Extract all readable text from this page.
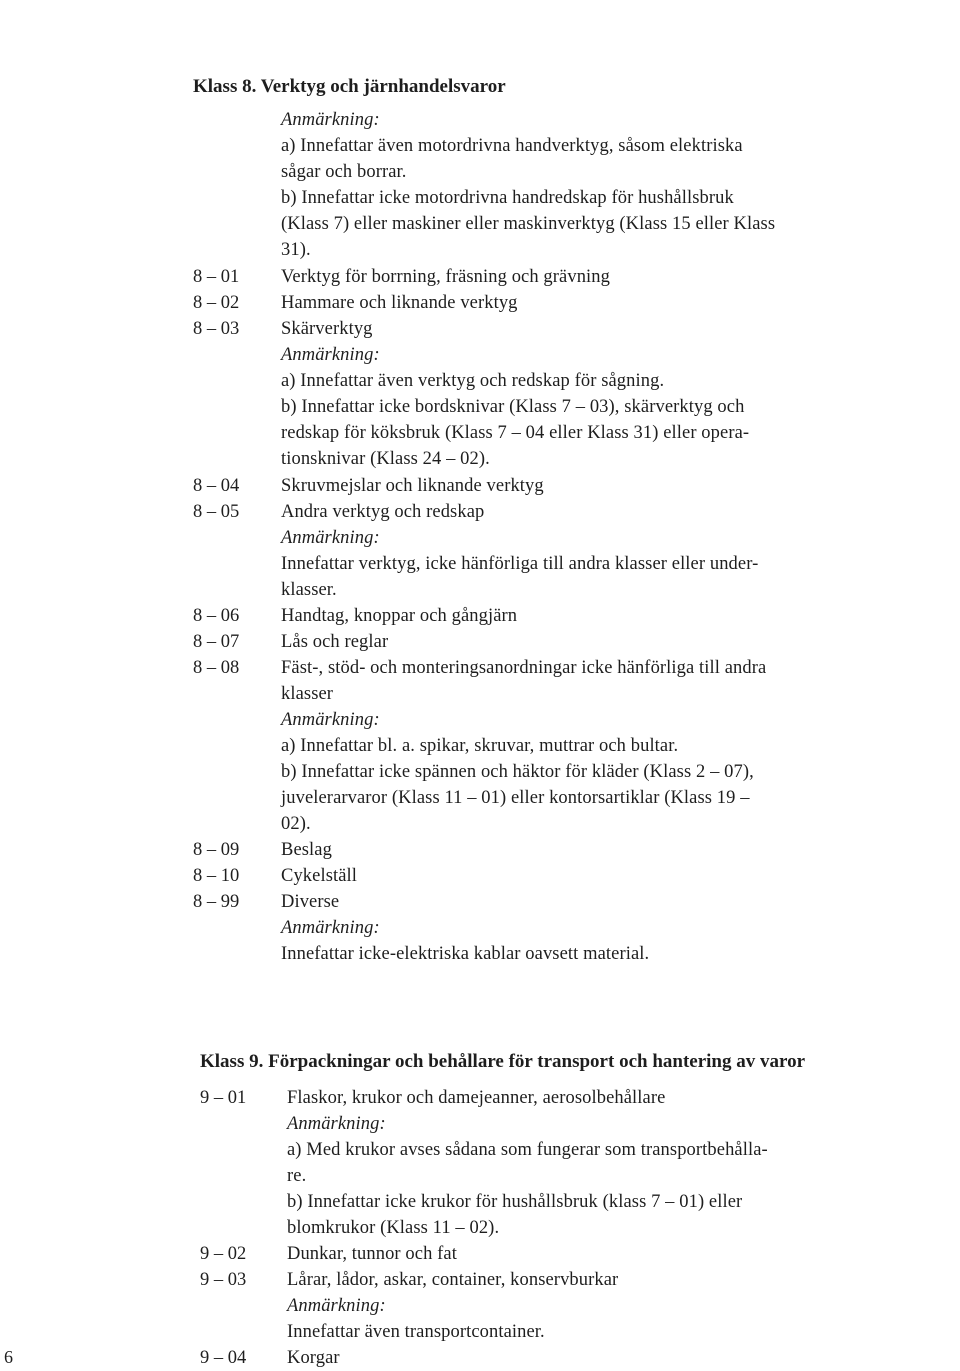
Klass 8. Verktyg och järnhandelsvaror
Anmärkning:
a) Innefattar även motordrivna handverktyg, såsom elektriska
sågar och borrar.
b) Innefattar icke motordrivna handredskap för hushållsbruk
(Klass 7) eller maskiner eller maskinverktyg (Klass 15 eller Klass
31).
8 – 01 Verktyg för borrning, fräsning och grävning
8 – 02 Hammare och liknande verktyg
8 – 03 Skärverktyg
Anmärkning:
a) Innefattar även verktyg och redskap för sågning.
b) Innefattar icke bordsknivar (Klass 7 – 03), skärverktyg och
redskap för köksbruk (Klass 7 – 04 eller Klass 31) eller opera-
tionsknivar (Klass 24 – 02).
8 – 04 Skruvmejslar och liknande verktyg
8 – 05 Andra verktyg och redskap
Anmärkning:
Innefattar verktyg, icke hänförliga till andra klasser eller under-
klasser.
8 – 06 Handtag, knoppar och gångjärn
8 – 07 Lås och reglar
8 – 08 Fäst-, stöd- och monteringsanordningar icke hänförliga till andra
klasser
Anmärkning:
a) Innefattar bl. a. spikar, skruvar, muttrar och bultar.
b) Innefattar icke spännen och häktor för kläder (Klass 2 – 07),
juvelerarvaror (Klass 11 – 01) eller kontorsartiklar (Klass 19 –
02).
8 – 09 Beslag
8 – 10 Cykelställ
8 – 99 Diverse
Anmärkning:
Innefattar icke-elektriska kablar oavsett material.
Klass 9. Förpackningar och behållare för transport och hantering av varor
9 – 01 Flaskor, krukor och damejeanner, aerosolbehållare
Anmärkning:
a) Med krukor avses sådana som fungerar som transportbehålla-
re.
b) Innefattar icke krukor för hushållsbruk (klass 7 – 01) eller
blomkrukor (Klass 11 – 02).
9 – 02 Dunkar, tunnor och fat
9 – 03 Lårar, lådor, askar, container, konservburkar
Anmärkning:
Innefattar även transportcontainer.
9 – 04 Korgar
6
